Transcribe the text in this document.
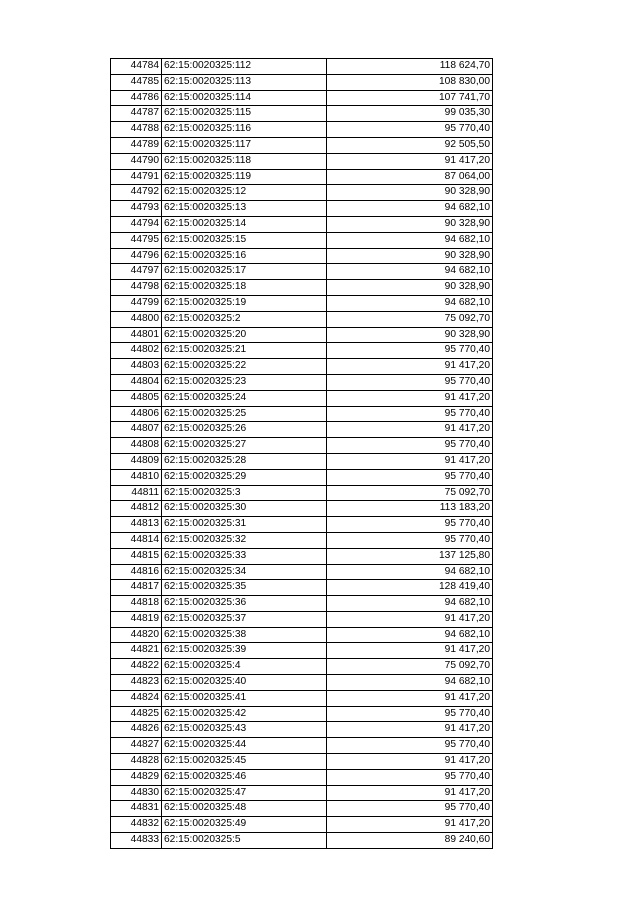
44784	62:15:0020325:112	118 624,70
44785	62:15:0020325:113	108 830,00
44786	62:15:0020325:114	107 741,70
44787	62:15:0020325:115	99 035,30
44788	62:15:0020325:116	95 770,40
44789	62:15:0020325:117	92 505,50
44790	62:15:0020325:118	91 417,20
44791	62:15:0020325:119	87 064,00
44792	62:15:0020325:12	90 328,90
44793	62:15:0020325:13	94 682,10
44794	62:15:0020325:14	90 328,90
44795	62:15:0020325:15	94 682,10
44796	62:15:0020325:16	90 328,90
44797	62:15:0020325:17	94 682,10
44798	62:15:0020325:18	90 328,90
44799	62:15:0020325:19	94 682,10
44800	62:15:0020325:2	75 092,70
44801	62:15:0020325:20	90 328,90
44802	62:15:0020325:21	95 770,40
44803	62:15:0020325:22	91 417,20
44804	62:15:0020325:23	95 770,40
44805	62:15:0020325:24	91 417,20
44806	62:15:0020325:25	95 770,40
44807	62:15:0020325:26	91 417,20
44808	62:15:0020325:27	95 770,40
44809	62:15:0020325:28	91 417,20
44810	62:15:0020325:29	95 770,40
44811	62:15:0020325:3	75 092,70
44812	62:15:0020325:30	113 183,20
44813	62:15:0020325:31	95 770,40
44814	62:15:0020325:32	95 770,40
44815	62:15:0020325:33	137 125,80
44816	62:15:0020325:34	94 682,10
44817	62:15:0020325:35	128 419,40
44818	62:15:0020325:36	94 682,10
44819	62:15:0020325:37	91 417,20
44820	62:15:0020325:38	94 682,10
44821	62:15:0020325:39	91 417,20
44822	62:15:0020325:4	75 092,70
44823	62:15:0020325:40	94 682,10
44824	62:15:0020325:41	91 417,20
44825	62:15:0020325:42	95 770,40
44826	62:15:0020325:43	91 417,20
44827	62:15:0020325:44	95 770,40
44828	62:15:0020325:45	91 417,20
44829	62:15:0020325:46	95 770,40
44830	62:15:0020325:47	91 417,20
44831	62:15:0020325:48	95 770,40
44832	62:15:0020325:49	91 417,20
44833	62:15:0020325:5	89 240,60
